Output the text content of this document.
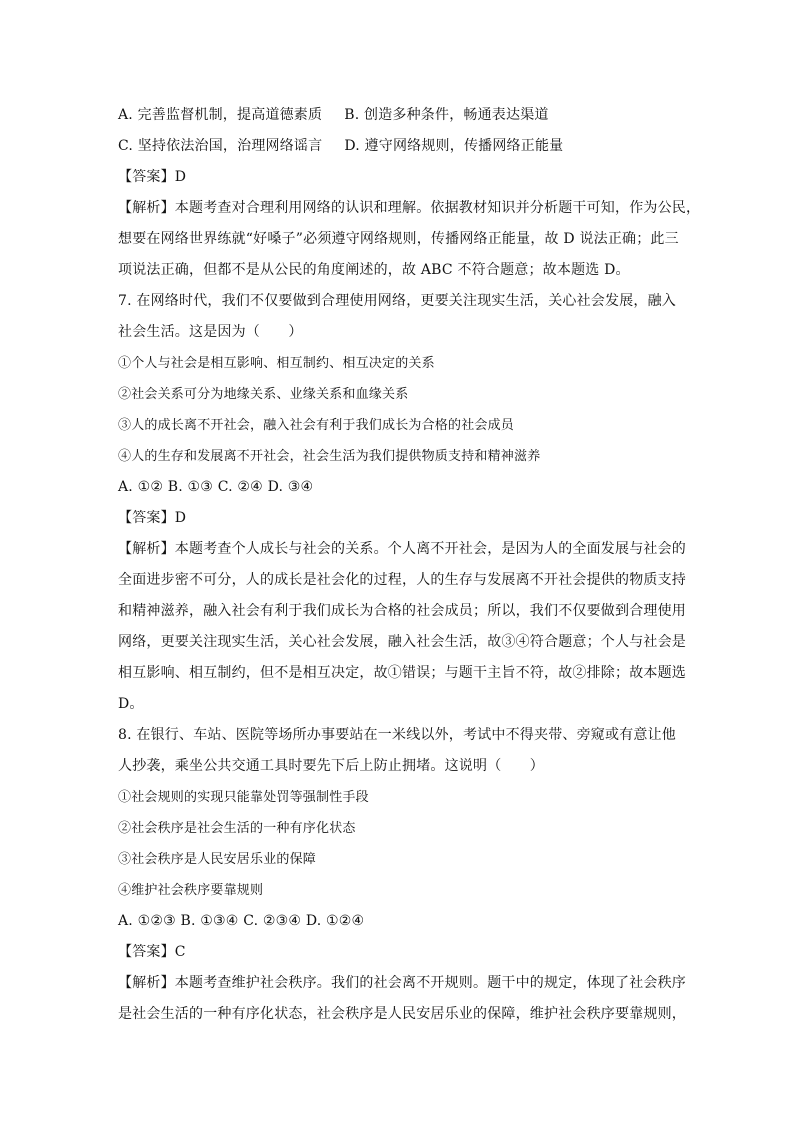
A. 完善监督机制，提高道德素质 B. 创造多种条件，畅通表达渠道
C. 坚持依法治国，治理网络谣言 D. 遵守网络规则，传播网络正能量
【答案】D
【解析】本题考查对合理利用网络的认识和理解。依据教材知识并分析题干可知，作为公民，
想要在网络世界练就“好嗓子”必须遵守网络规则，传播网络正能量，故 D 说法正确；此三
项说法正确，但都不是从公民的角度阐述的，故 ABC 不符合题意；故本题选 D。
7. 在网络时代，我们不仅要做到合理使用网络，更要关注现实生活，关心社会发展，融入
社会生活。这是因为（　　）
①个人与社会是相互影响、相互制约、相互决定的关系
②社会关系可分为地缘关系、业缘关系和血缘关系
③人的成长离不开社会，融入社会有利于我们成长为合格的社会成员
④人的生存和发展离不开社会，社会生活为我们提供物质支持和精神滋养
A. ①② B. ①③ C. ②④ D. ③④
【答案】D
【解析】本题考查个人成长与社会的关系。个人离不开社会，是因为人的全面发展与社会的
全面进步密不可分，人的成长是社会化的过程，人的生存与发展离不开社会提供的物质支持
和精神滋养，融入社会有利于我们成长为合格的社会成员；所以，我们不仅要做到合理使用
网络，更要关注现实生活，关心社会发展，融入社会生活，故③④符合题意；个人与社会是
相互影响、相互制约，但不是相互决定，故①错误；与题干主旨不符，故②排除；故本题选
D。
8. 在银行、车站、医院等场所办事要站在一米线以外，考试中不得夹带、旁窥或有意让他
人抄袭，乘坐公共交通工具时要先下后上防止拥堵。这说明（　　）
①社会规则的实现只能靠处罚等强制性手段
②社会秩序是社会生活的一种有序化状态
③社会秩序是人民安居乐业的保障
④维护社会秩序要靠规则
A. ①②③ B. ①③④ C. ②③④ D. ①②④
【答案】C
【解析】本题考查维护社会秩序。我们的社会离不开规则。题干中的规定，体现了社会秩序
是社会生活的一种有序化状态，社会秩序是人民安居乐业的保障，维护社会秩序要靠规则，
